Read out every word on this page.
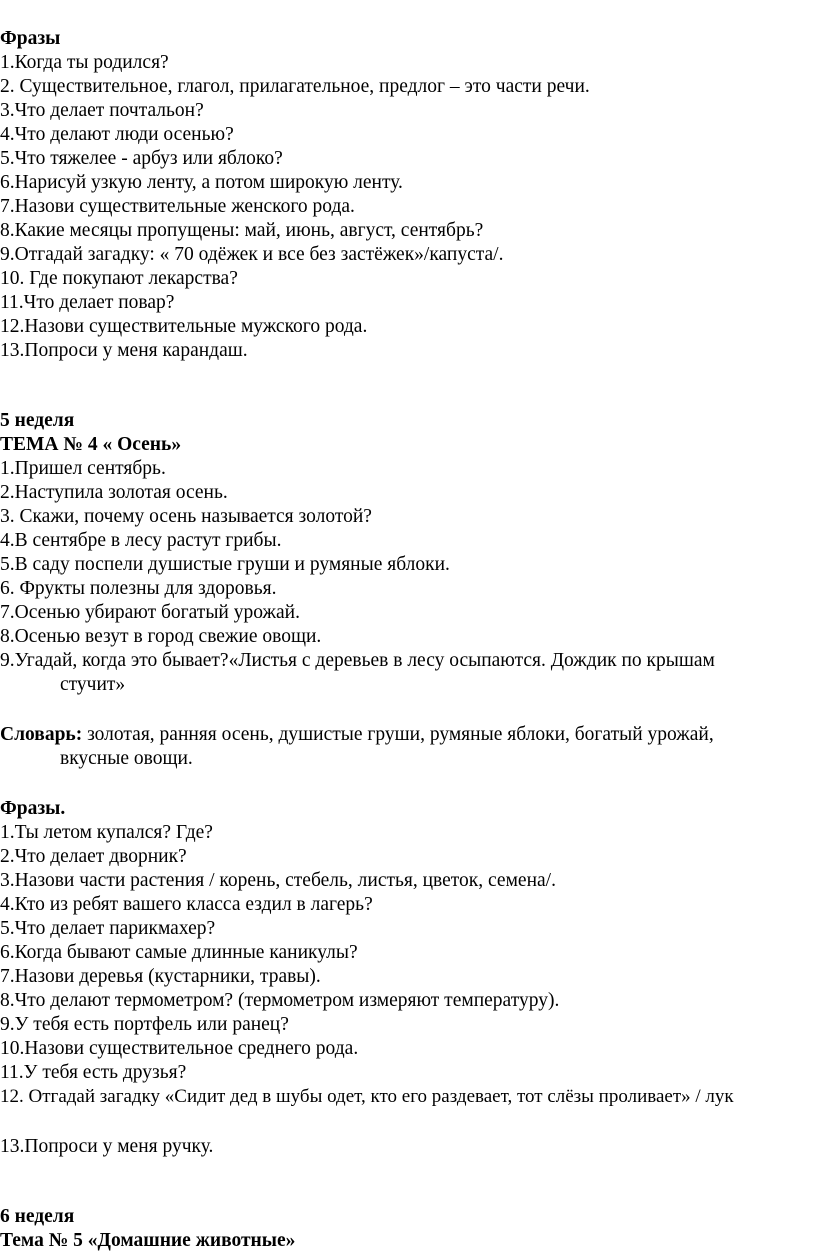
Фразы
1.Когда ты родился?
2. Существительное, глагол, прилагательное, предлог – это части речи.
3.Что делает почтальон?
4.Что делают люди осенью?
5.Что тяжелее - арбуз или яблоко?
6.Нарисуй узкую ленту, а потом широкую ленту.
7.Назови существительные женского рода.
8.Какие месяцы пропущены: май, июнь, август, сентябрь?
9.Отгадай загадку: « 70 одёжек и все без застёжек»/капуста/.
10. Где покупают лекарства?
11.Что делает повар?
12.Назови существительные мужского рода.
13.Попроси у меня карандаш.
5 неделя
ТЕМА № 4 « Осень»
1.Пришел сентябрь.
2.Наступила золотая осень.
3. Скажи, почему осень называется золотой?
4.В сентябре в лесу растут грибы.
5.В саду поспели душистые груши и румяные яблоки.
6. Фрукты полезны для здоровья.
7.Осенью убирают богатый урожай.
8.Осенью везут в город свежие овощи.
9.Угадай, когда это бывает?«Листья с деревьев в лесу осыпаются. Дождик по крышам
стучит»
Словарь: золотая, ранняя осень, душистые груши, румяные яблоки, богатый урожай,
вкусные овощи.
Фразы.
1.Ты летом купался? Где?
2.Что делает дворник?
3.Назови части растения / корень, стебель, листья, цветок, семена/.
4.Кто из ребят вашего класса ездил в лагерь?
5.Что делает парикмахер?
6.Когда бывают самые длинные каникулы?
7.Назови деревья (кустарники, травы).
8.Что делают термометром? (термометром измеряют температуру).
9.У тебя есть портфель или ранец?
10.Назови существительное среднего рода.
11.У тебя есть друзья?
12. Отгадай загадку «Сидит дед в шубы одет, кто его раздевает, тот слёзы проливает» / лук
13.Попроси у меня ручку.
6 неделя
Тема № 5 «Домашние животные»
